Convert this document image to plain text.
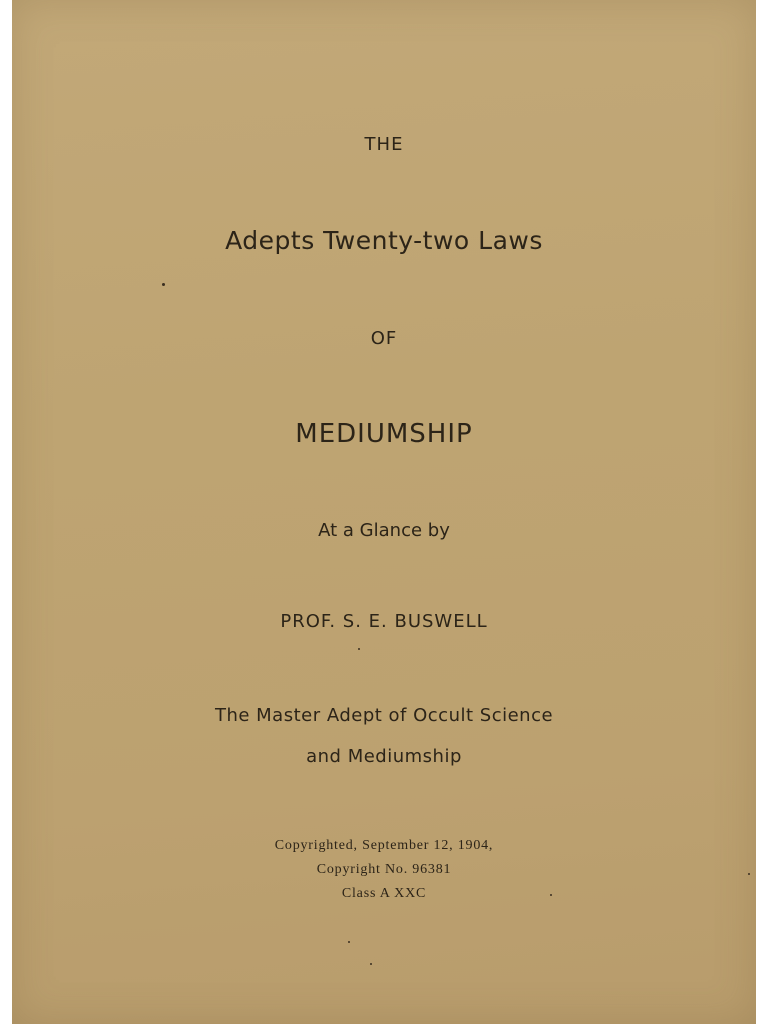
THE
Adepts Twenty-two Laws
OF
MEDIUMSHIP
At a Glance by
PROF. S. E. BUSWELL
The Master Adept of Occult Science
and Mediumship
Copyrighted, September 12, 1904,
Copyright No. 96381
Class A XXC
